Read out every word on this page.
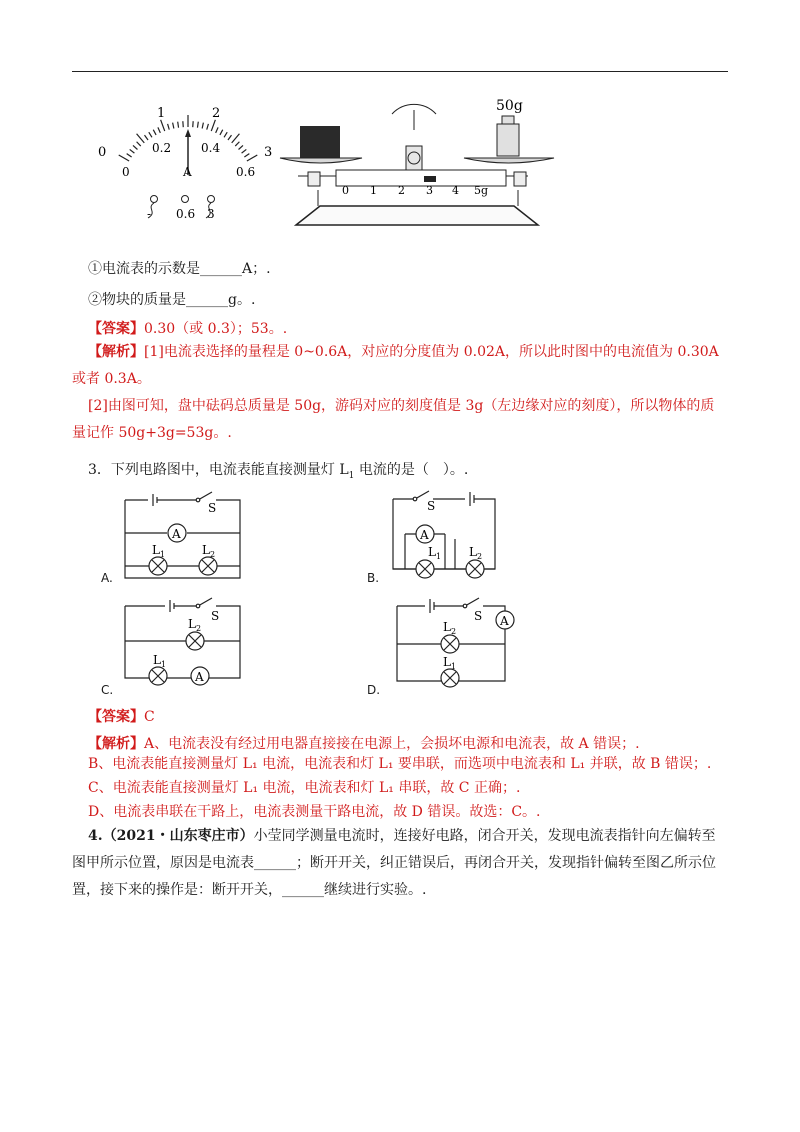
0
1	2
3
0
0.2 0.4
0.6
A
- 0.6 3
50g
0 1 2 3 4 5g
①电流表的示数是______A；.
②物块的质量是______g。.
【答案】0.30（或 0.3）；53。.
【解析】[1]电流表选择的量程是 0~0.6A，对应的分度值为 0.02A，所以此时图中的电流值为 0.30A
或者 0.3A。
[2]由图可知，盘中砝码总质量是 50g，游码对应的刻度值是 3g（左边缘对应的刻度），所以物体的质
量记作 50g+3g=53g。.
3．下列电路图中，电流表能直接测量灯 $L_1$ 电流的是（　）。.
S
A
$L_1$	$L_2$
A.
S
A
$L_1$ $L_2$
B.
S
$L_2$
$L_1$
A
C.
S A
$L_2$
$L_1$
D.
【答案】C
【解析】A、电流表没有经过用电器直接接在电源上，会损坏电源和电流表，故 A 错误；.
B、电流表能直接测量灯 L₁ 电流，电流表和灯 L₁ 要串联，而选项中电流表和 L₁ 并联，故 B 错误；.
C、电流表能直接测量灯 L₁ 电流，电流表和灯 L₁ 串联，故 C 正确；.
D、电流表串联在干路上，电流表测量干路电流，故 D 错误。故选：C。.
4.（2021・山东枣庄市）小莹同学测量电流时，连接好电路，闭合开关，发现电流表指针向左偏转至
图甲所示位置，原因是电流表______；断开开关，纠正错误后，再闭合开关，发现指针偏转至图乙所示位
置，接下来的操作是：断开开关，______继续进行实验。.
